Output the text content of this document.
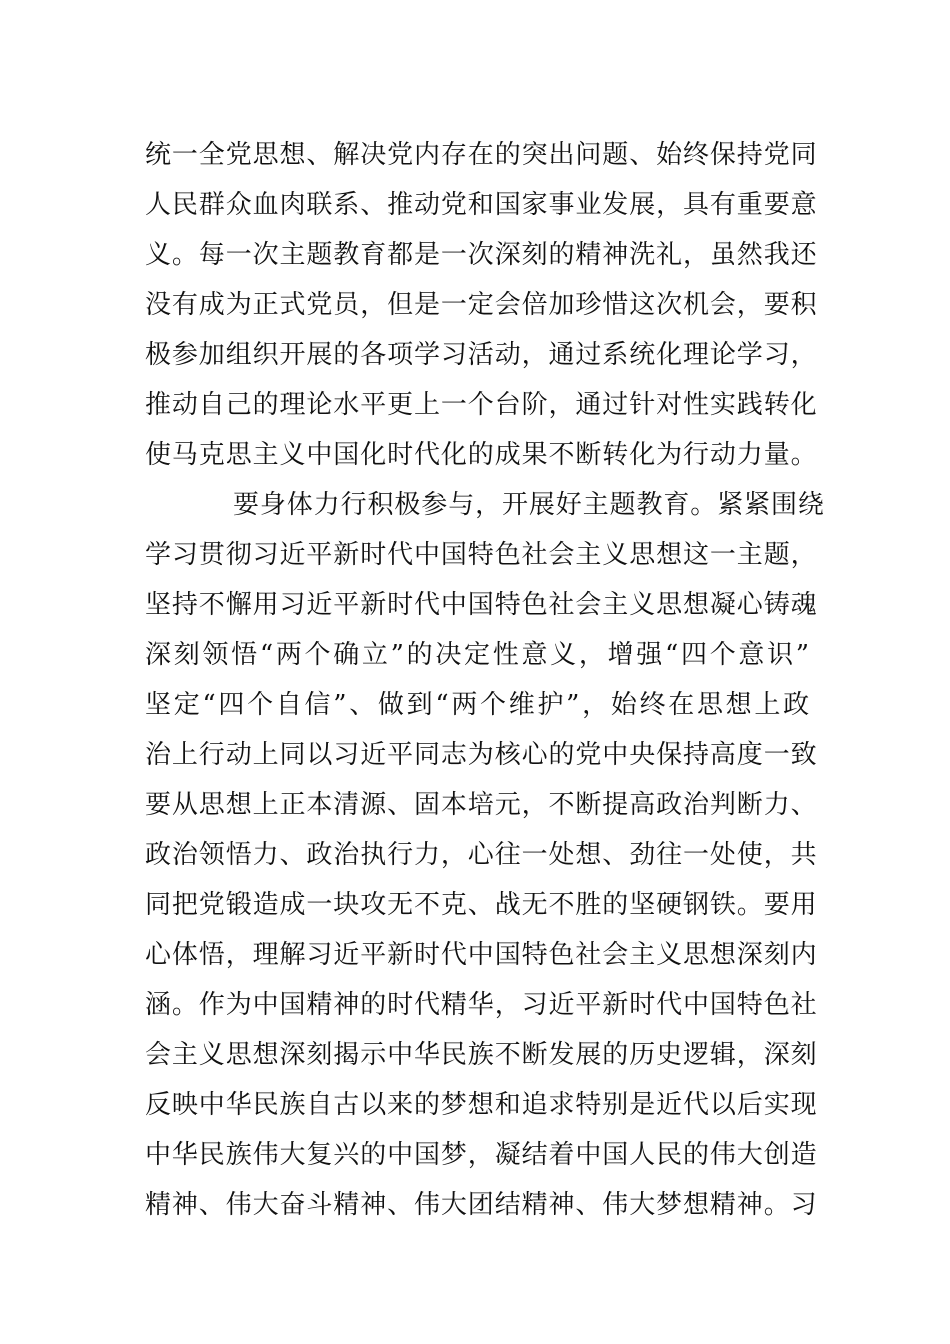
统一全党思想、解决党内存在的突出问题、始终保持党同
人民群众血肉联系、推动党和国家事业发展，具有重要意
义。每一次主题教育都是一次深刻的精神洗礼，虽然我还
没有成为正式党员，但是一定会倍加珍惜这次机会，要积
极参加组织开展的各项学习活动，通过系统化理论学习，
推动自己的理论水平更上一个台阶，通过针对性实践转化
使马克思主义中国化时代化的成果不断转化为行动力量。
要身体力行积极参与，开展好主题教育。紧紧围绕
学习贯彻习近平新时代中国特色社会主义思想这一主题，
坚持不懈用习近平新时代中国特色社会主义思想凝心铸魂
深刻领悟“两个确立”的决定性意义，增强“四个意识”
坚定“四个自信”、做到“两个维护”，始终在思想上政
治上行动上同以习近平同志为核心的党中央保持高度一致
要从思想上正本清源、固本培元，不断提高政治判断力、
政治领悟力、政治执行力，心往一处想、劲往一处使，共
同把党锻造成一块攻无不克、战无不胜的坚硬钢铁。要用
心体悟，理解习近平新时代中国特色社会主义思想深刻内
涵。作为中国精神的时代精华，习近平新时代中国特色社
会主义思想深刻揭示中华民族不断发展的历史逻辑，深刻
反映中华民族自古以来的梦想和追求特别是近代以后实现
中华民族伟大复兴的中国梦，凝结着中国人民的伟大创造
精神、伟大奋斗精神、伟大团结精神、伟大梦想精神。习
